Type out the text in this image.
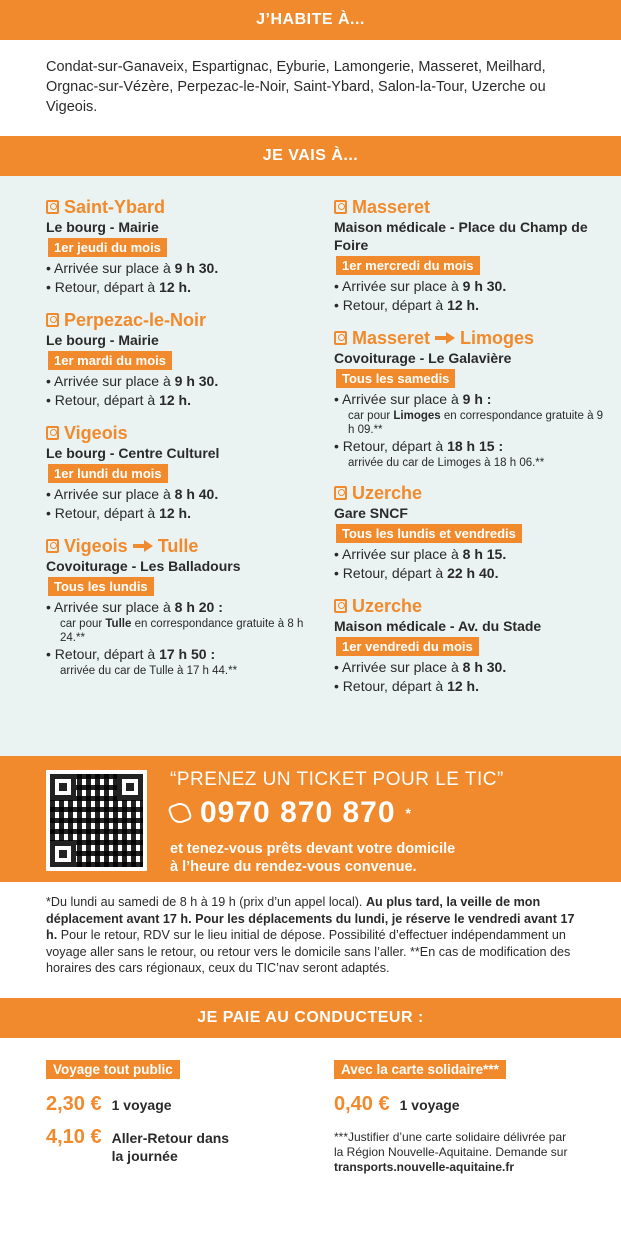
J’HABITE À...
Condat-sur-Ganaveix, Espartignac, Eyburie, Lamongerie, Masseret, Meilhard, Orgnac-sur-Vézère, Perpezac-le-Noir, Saint-Ybard, Salon-la-Tour, Uzerche ou Vigeois.
JE VAIS À...
Saint-Ybard
Le bourg - Mairie
1er jeudi du mois
• Arrivée sur place à 9 h 30.
• Retour, départ à 12 h.
Perpezac-le-Noir
Le bourg - Mairie
1er mardi du mois
• Arrivée sur place à 9 h 30.
• Retour, départ à 12 h.
Vigeois
Le bourg - Centre Culturel
1er lundi du mois
• Arrivée sur place à 8 h 40.
• Retour, départ à 12 h.
Vigeois Tulle
Covoiturage - Les Balladours
Tous les lundis
• Arrivée sur place à 8 h 20 :
car pour Tulle en correspondance gratuite à 8 h 24.**
• Retour, départ à 17 h 50 :
arrivée du car de Tulle à 17 h 44.**
Masseret
Maison médicale - Place du Champ de Foire
1er mercredi du mois
• Arrivée sur place à 9 h 30.
• Retour, départ à 12 h.
Masseret Limoges
Covoiturage - Le Galavière
Tous les samedis
• Arrivée sur place à 9 h :
car pour Limoges en correspondance gratuite à 9 h 09.**
• Retour, départ à 18 h 15 :
arrivée du car de Limoges à 18 h 06.**
Uzerche
Gare SNCF
Tous les lundis et vendredis
• Arrivée sur place à 8 h 15.
• Retour, départ à 22 h 40.
Uzerche
Maison médicale - Av. du Stade
1er vendredi du mois
• Arrivée sur place à 8 h 30.
• Retour, départ à 12 h.
“PRENEZ UN TICKET POUR LE TIC”
0970 870 870 *
et tenez-vous prêts devant votre domicile
à l’heure du rendez-vous convenue.
*Du lundi au samedi de 8 h à 19 h (prix d’un appel local). Au plus tard, la veille de mon déplacement avant 17 h. Pour les déplacements du lundi, je réserve le vendredi avant 17 h. Pour le retour, RDV sur le lieu initial de dépose. Possibilité d’effectuer indépendamment un voyage aller sans le retour, ou retour vers le domicile sans l’aller. **En cas de modification des horaires des cars régionaux, ceux du TIC’nav seront adaptés.
JE PAIE AU CONDUCTEUR :
Voyage tout public
2,30 € 1 voyage
4,10 € Aller-Retour dans la journée
Avec la carte solidaire***
0,40 € 1 voyage
***Justifier d’une carte solidaire délivrée par la Région Nouvelle-Aquitaine. Demande sur transports.nouvelle-aquitaine.fr
